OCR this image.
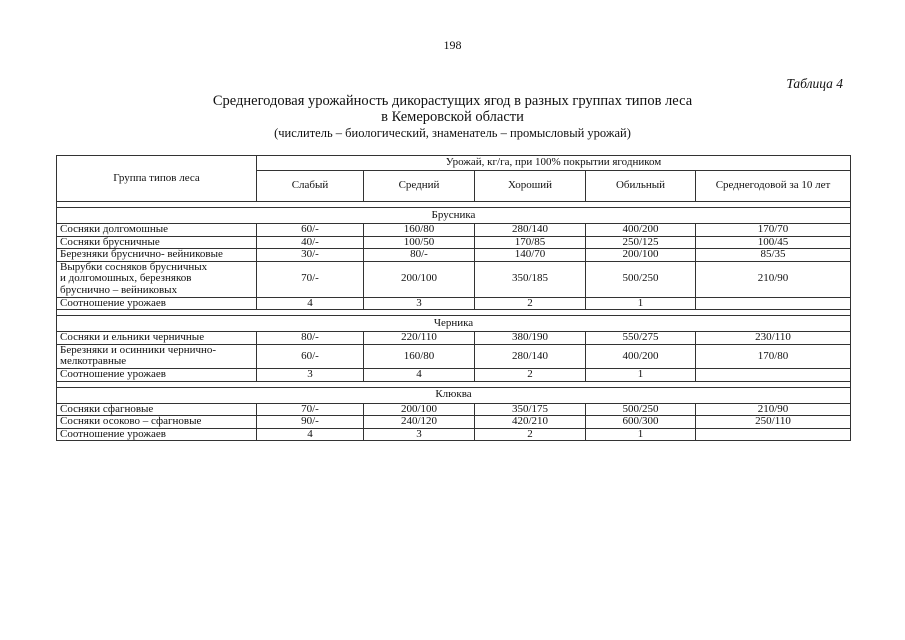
198
Таблица 4
Среднегодовая урожайность дикорастущих ягод в разных группах типов леса
в Кемеровской области
(числитель – биологический, знаменатель – промысловый урожай)
Группа типов леса	Урожай, кг/га, при 100% покрытии ягодником				
	Слабый	Средний	Хороший	Обильный	Среднегодовой за 10 лет

Брусника					
Сосняки долгомошные	60/-	160/80	280/140	400/200	170/70
Сосняки брусничные	40/-	100/50	170/85	250/125	100/45
Березняки бруснично- вейниковые	30/-	80/-	140/70	200/100	85/35

Вырубки сосняков брусничных
и долгомошных, березняков
бруснично – вейниковых	70/-	200/100	350/185	500/250	210/90
Соотношение урожаев	4	3	2	1	

Черника					
Сосняки и ельники черничные	80/-	220/110	380/190	550/275	230/110

Березняки и осинники чернично-
мелкотравные	60/-	160/80	280/140	400/200	170/80
Соотношение урожаев	3	4	2	1	

Клюква					
Сосняки сфагновые	70/-	200/100	350/175	500/250	210/90
Сосняки осоково – сфагновые	90/-	240/120	420/210	600/300	250/110
Соотношение урожаев	4	3	2	1	
